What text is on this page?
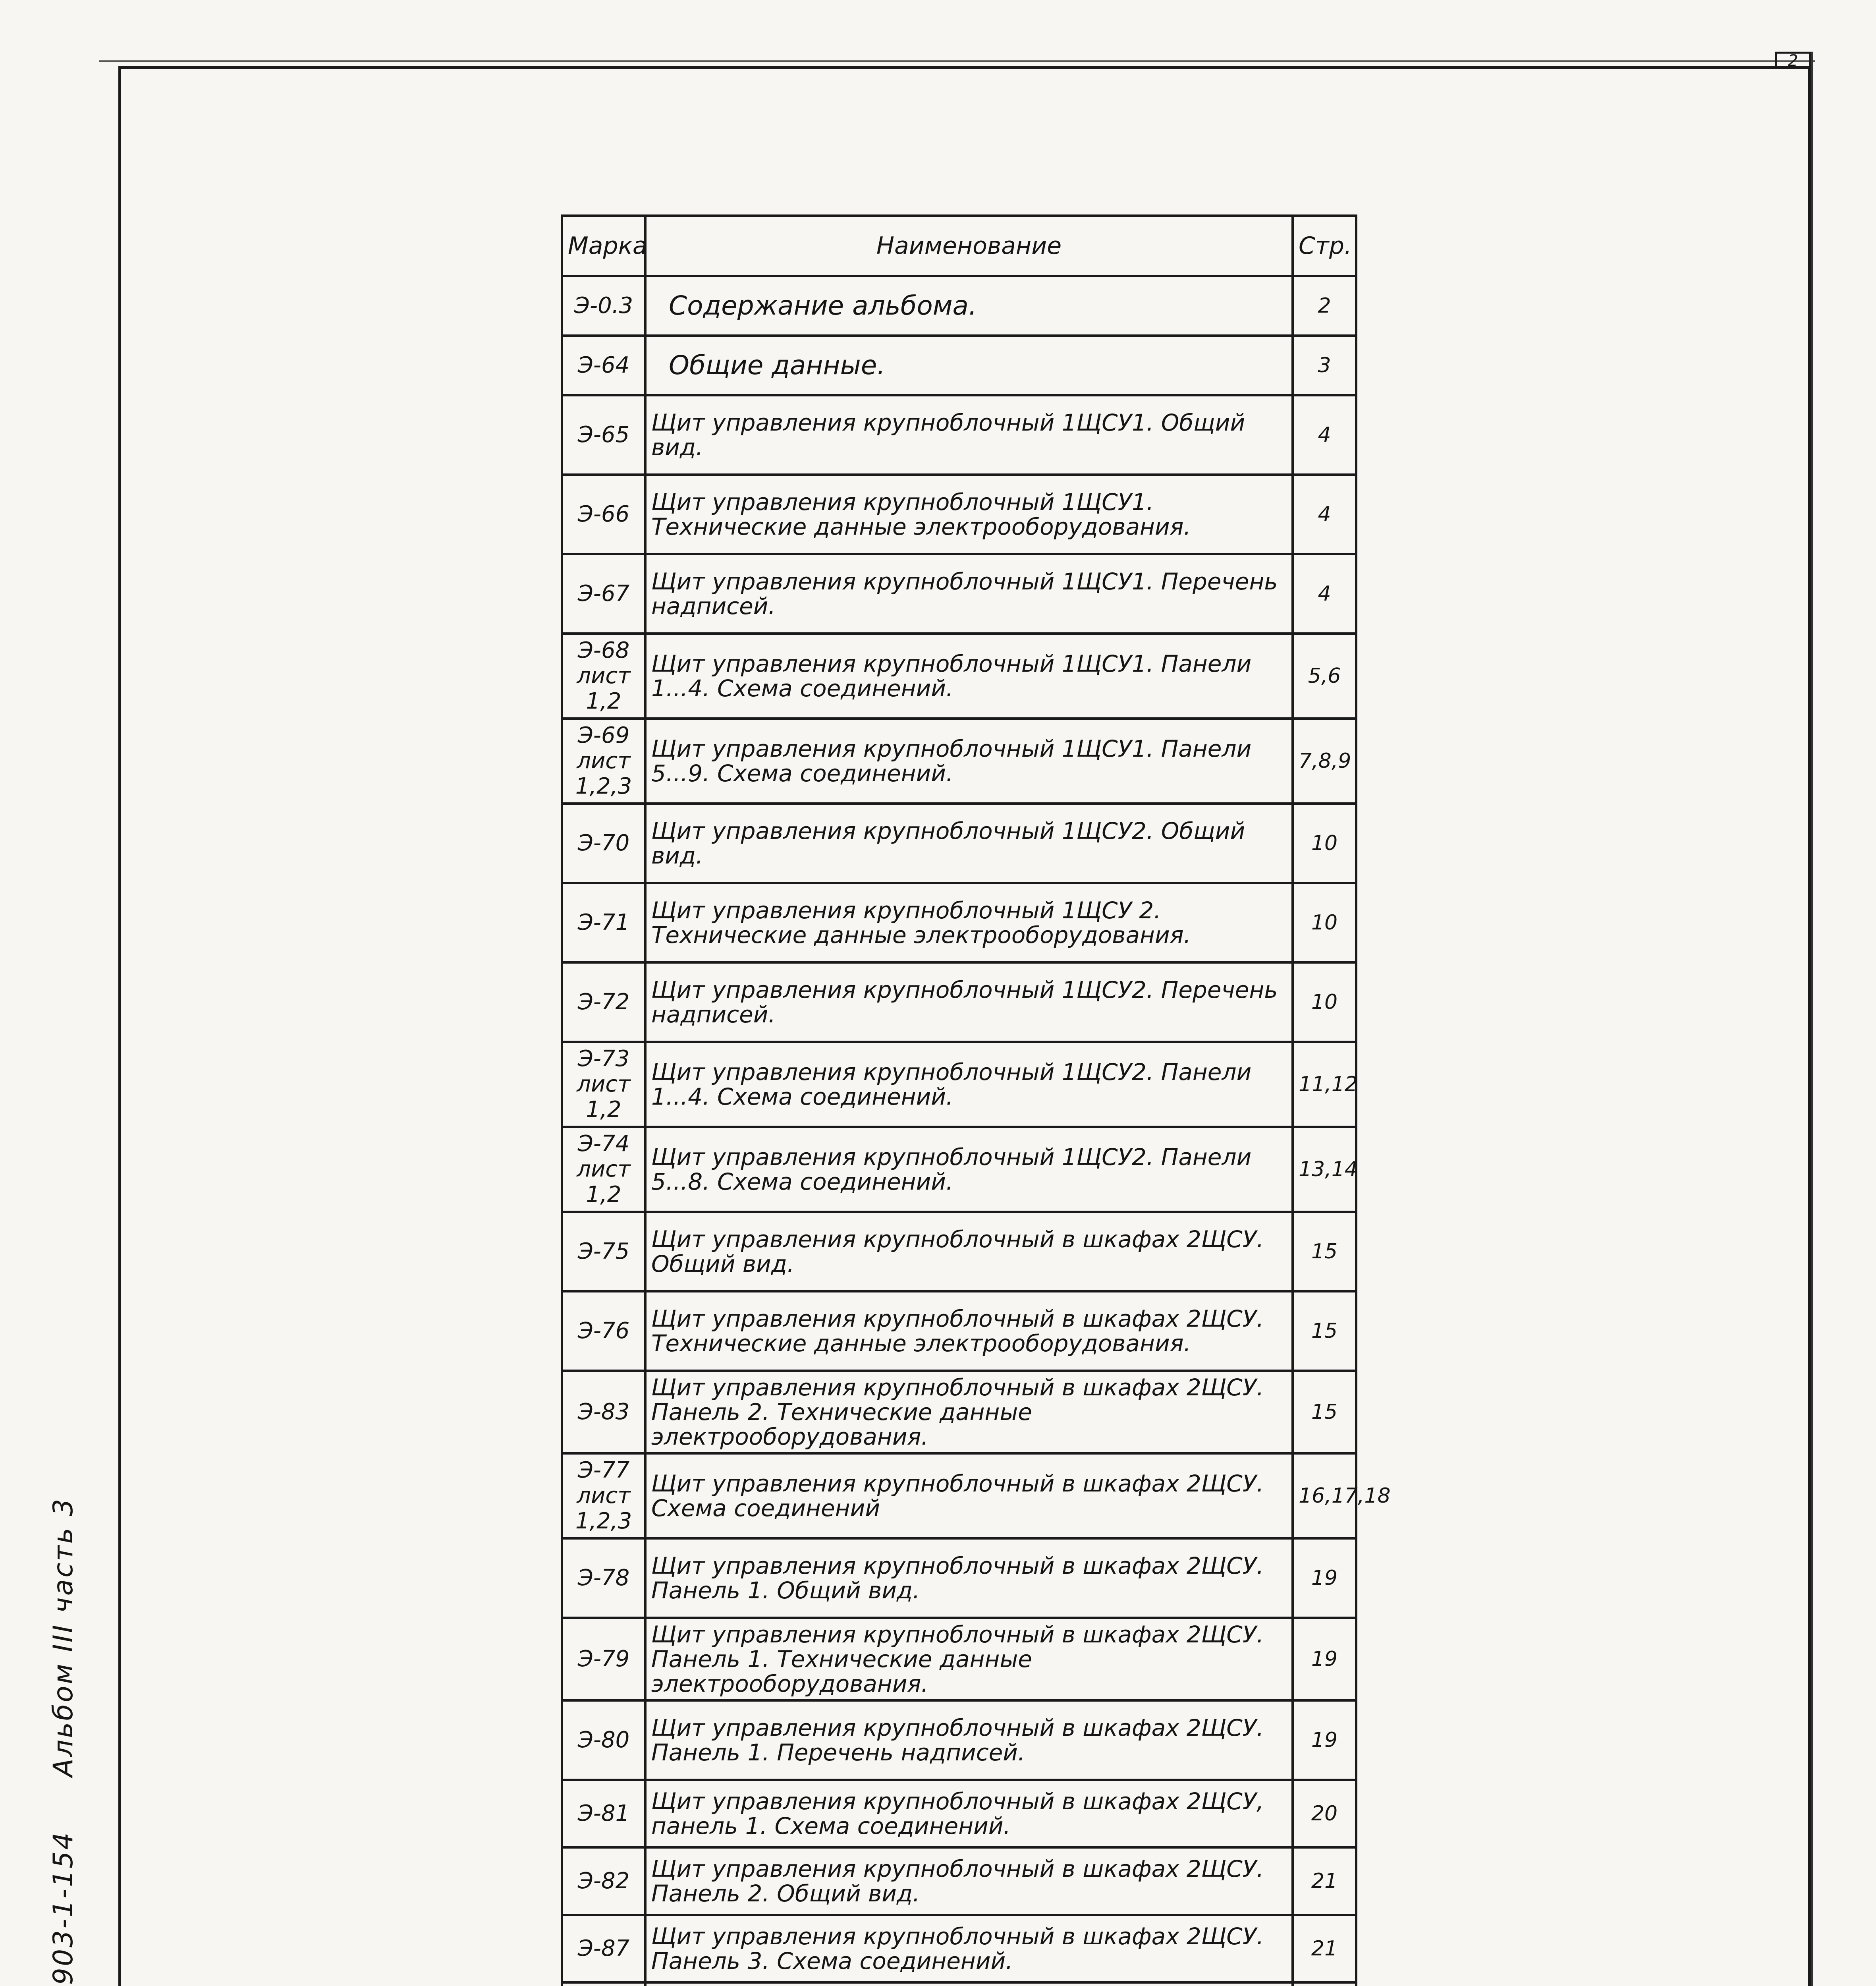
2
903-1-154 Альбом III часть 3
Марка	Наименование	Стр.
Э-0.3	Содержание альбома.	2
Э-64	Общие данные.	3
Э-65	Щит управления крупноблочный 1ЩСУ1. Общий вид.	4
Э-66	Щит управления крупноблочный 1ЩСУ1. Технические данные электрооборудования.	4
Э-67	Щит управления крупноблочный 1ЩСУ1. Перечень надписей.	4
Э-68 лист 1,2	Щит управления крупноблочный 1ЩСУ1. Панели 1...4. Схема соединений.	5,6
Э-69 лист 1,2,3	Щит управления крупноблочный 1ЩСУ1. Панели 5...9. Схема соединений.	7,8,9
Э-70	Щит управления крупноблочный 1ЩСУ2. Общий вид.	10
Э-71	Щит управления крупноблочный 1ЩСУ 2. Технические данные электрооборудования.	10
Э-72	Щит управления крупноблочный 1ЩСУ2. Перечень надписей.	10
Э-73 лист 1,2	Щит управления крупноблочный 1ЩСУ2. Панели 1...4. Схема соединений.	11,12
Э-74 лист 1,2	Щит управления крупноблочный 1ЩСУ2. Панели 5...8. Схема соединений.	13,14
Э-75	Щит управления крупноблочный в шкафах 2ЩСУ. Общий вид.	15
Э-76	Щит управления крупноблочный в шкафах 2ЩСУ. Технические данные электрооборудования.	15
Э-83	Щит управления крупноблочный в шкафах 2ЩСУ. Панель 2. Технические данные электрооборудования.	15
Э-77 лист 1,2,3	Щит управления крупноблочный в шкафах 2ЩСУ. Схема соединений	16,17,18
Э-78	Щит управления крупноблочный в шкафах 2ЩСУ. Панель 1. Общий вид.	19
Э-79	Щит управления крупноблочный в шкафах 2ЩСУ. Панель 1. Технические данные электрооборудования.	19
Э-80	Щит управления крупноблочный в шкафах 2ЩСУ. Панель 1. Перечень надписей.	19
Э-81	Щит управления крупноблочный в шкафах 2ЩСУ, панель 1. Схема соединений.	20
Э-82	Щит управления крупноблочный в шкафах 2ЩСУ. Панель 2. Общий вид.	21
Э-87	Щит управления крупноблочный в шкафах 2ЩСУ. Панель 3. Схема соединений.	21
